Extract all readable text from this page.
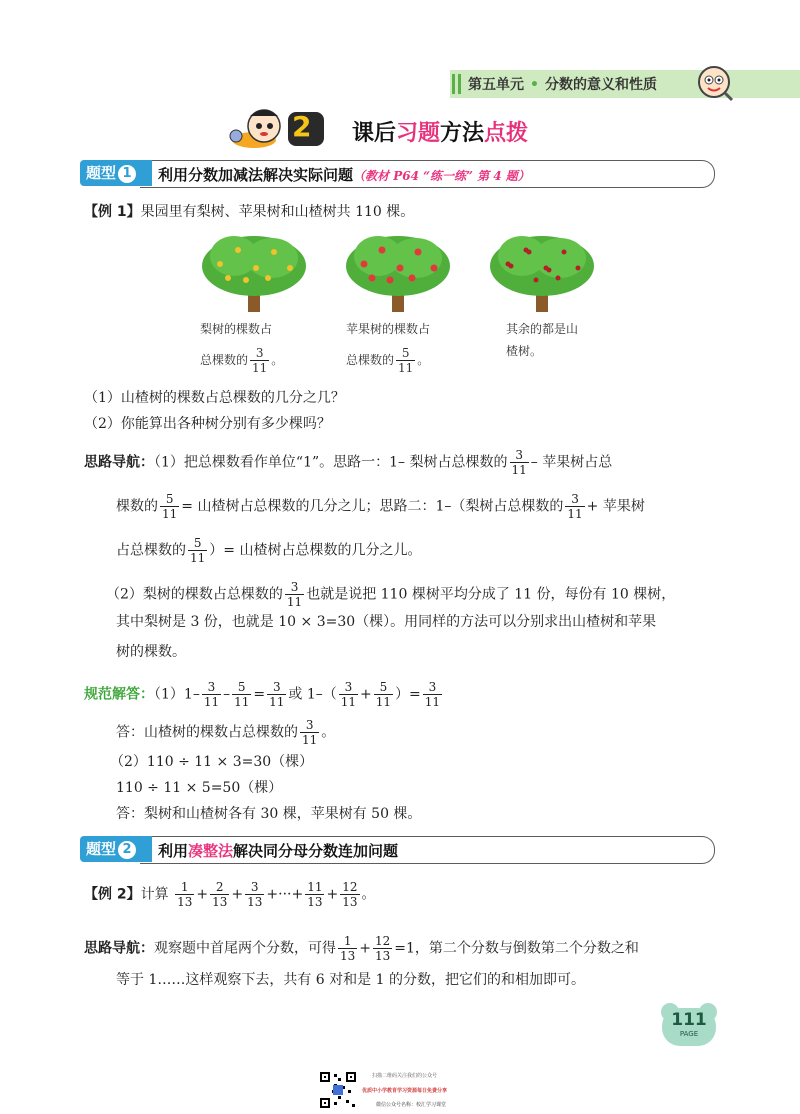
第五单元 • 分数的意义和性质
2 课后习题方法点拨
题型 1	利用分数加减法解决实际问题（教材 P64 “练一练” 第 4 题）
【例 1】果园里有梨树、苹果树和山楂树共 110 棵。
梨树的棵数占
总棵数的 $\frac{3}{11}$ 。
苹果树的棵数占
总棵数的 $\frac{5}{11}$ 。
其余的都是山
楂树。
（1）山楂树的棵数占总棵数的几分之几？
（2）你能算出各种树分别有多少棵吗？
思路导航：（1）把总棵数看作单位“1”。思路一：1– 梨树占总棵数的 $\frac{3}{11}$ – 苹果树占总
棵数的 $\frac{5}{11}$ = 山楂树占总棵数的几分之儿；思路二：1–（梨树占总棵数的 $\frac{3}{11}$ + 苹果树
占总棵数的 $\frac{5}{11}$ ）= 山楂树占总棵数的几分之儿。
（2）梨树的棵数占总棵数的 $\frac{3}{11}$ 也就是说把 110 棵树平均分成了 11 份，每份有 10 棵树，
其中梨树是 3 份，也就是 10 × 3=30（棵）。用同样的方法可以分别求出山楂树和苹果
树的棵数。
规范解答：$(1)1- \frac{3}{11} - \frac{5}{11} = \frac{3}{11}$ 或 $1-( \frac{3}{11} + \frac{5}{11}$ ）= $\frac{3}{11}$
答：山楂树的棵数占总棵数的 $\frac{3}{11}$ 。
（2）110 ÷ 11 × 3=30（棵）
110 ÷ 11 × 5=50（棵）
答：梨树和山楂树各有 30 棵，苹果树有 50 棵。
题型 2	利用凑整法解决同分母分数连加问题
【例 2】计算 $\frac{1}{13} + \frac{2}{13} + \frac{3}{13}$ +···+ $\frac{11}{13} + \frac{12}{13}$ 。
思路导航：观察题中首尾两个分数，可得 $\frac{1}{13} + \frac{12}{13} =1$，第二个分数与倒数第二个分数之和
等于 1……这样观察下去，共有 6 对和是 1 的分数，把它们的和相加即可。
111
PAGE
扫描二维码关注我们的公众号
优质中小学教育学习资源每日免费分享
微信公众号名称：校汇学习课堂
